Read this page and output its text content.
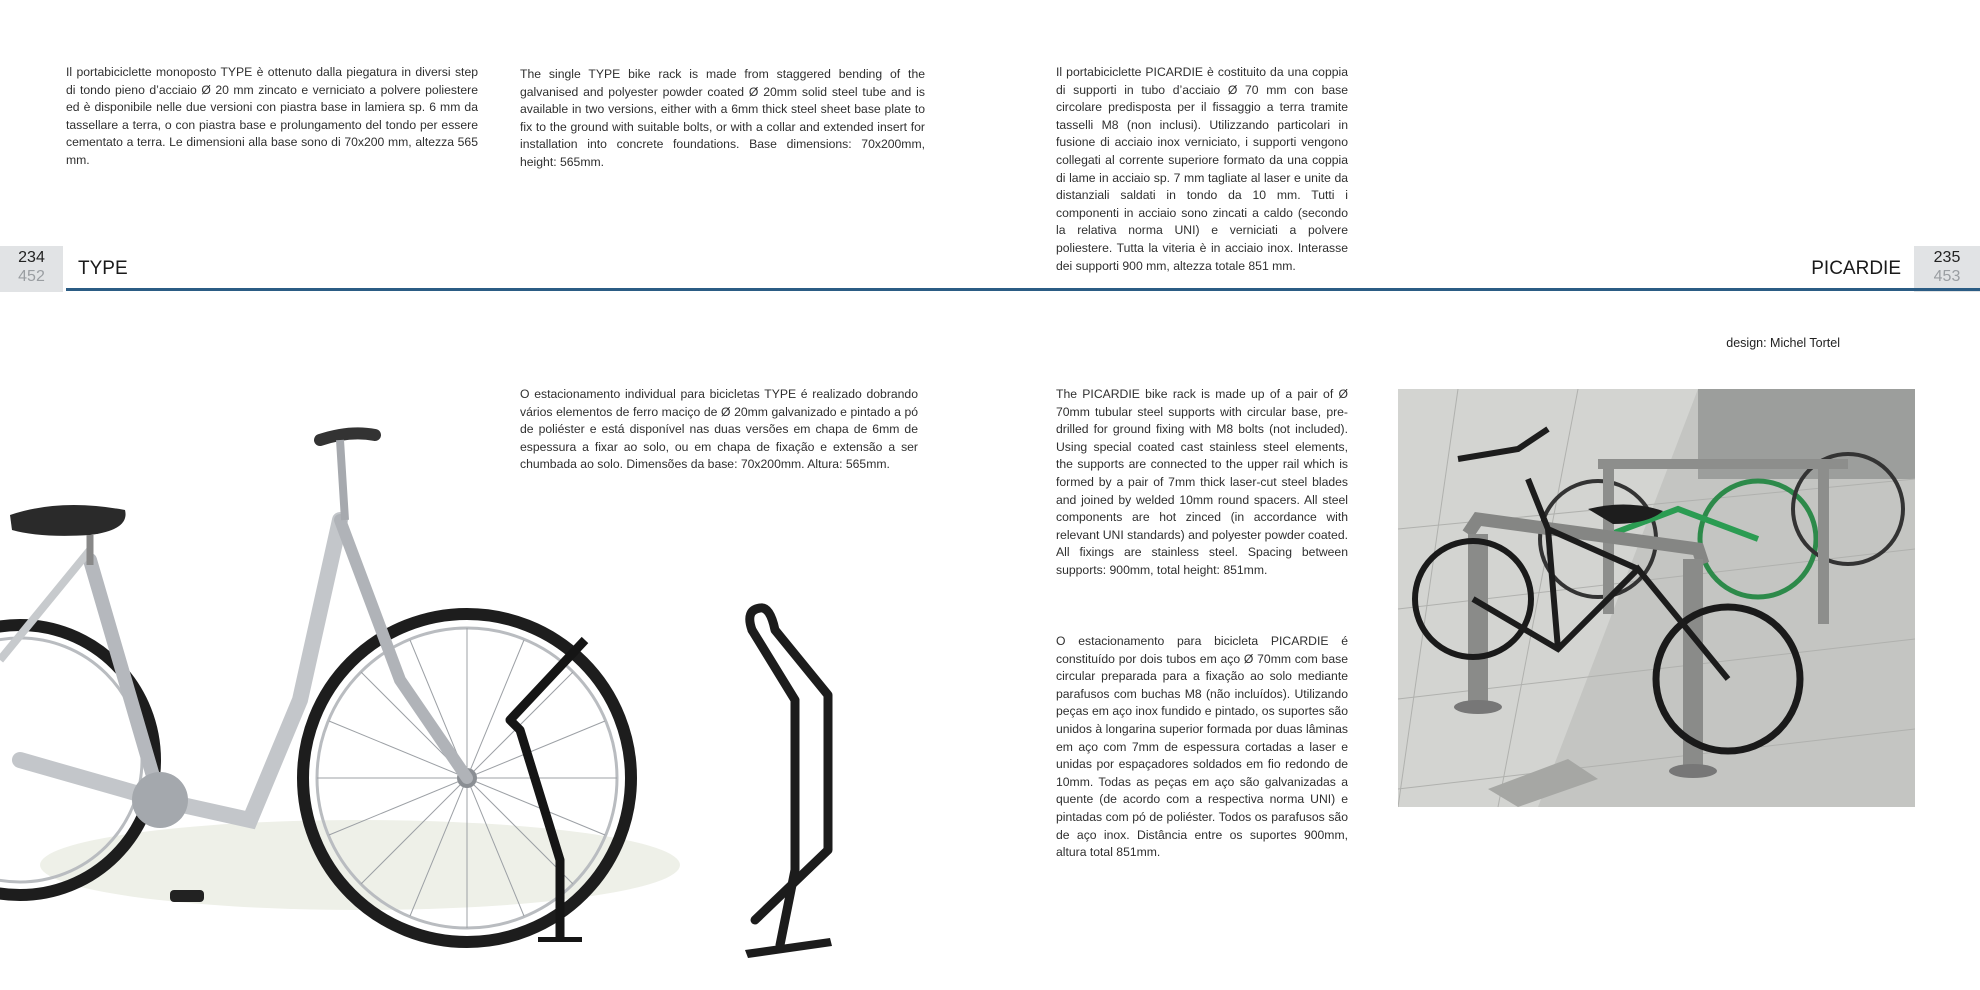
Il portabiciclette monoposto TYPE è ottenuto dalla piegatura in diversi step di tondo pieno d’acciaio Ø 20 mm zincato e verniciato a polvere poliestere ed è disponibile nelle due versioni con piastra base in lamiera sp. 6 mm da tassellare a terra, o con piastra base e prolungamento del tondo per essere cementato a terra. Le dimensioni alla base sono di 70x200 mm, altezza 565 mm.

The single TYPE bike rack is made from staggered bending of the galvanised and polyester powder coated Ø 20mm solid steel tube and is available in two versions, either with a 6mm thick steel sheet base plate to fix to the ground with suitable bolts, or with a collar and extended insert for installation into concrete foundations. Base dimensions: 70x200mm, height: 565mm.

Il portabiciclette PICARDIE è costituito da una coppia di supporti in tubo d’acciaio Ø 70 mm con base circolare predisposta per il fissaggio a terra tramite tasselli M8 (non inclusi). Utilizzando particolari in fusione di acciaio inox verniciato, i supporti vengono collegati al corrente superiore formato da una coppia di lame in acciaio sp. 7 mm tagliate al laser e unite da distanziali saldati in tondo da 10 mm. Tutti i componenti in acciaio sono zincati a caldo (secondo la relativa norma UNI) e verniciati a polvere poliestere. Tutta la viteria è in acciaio inox. Interasse dei supporti 900 mm, altezza totale 851 mm.

234
452	TYPE	PICARDIE
235
453
design: Michel Tortel

O estacionamento individual para bicicletas TYPE é realizado dobrando vários elementos de ferro maciço de Ø 20mm galvanizado e pintado a pó de poliéster e está disponível nas duas versões em chapa de 6mm de espessura a fixar ao solo, ou em chapa de fixação e extensão a ser chumbada ao solo. Dimensões da base: 70x200mm. Altura: 565mm.

The PICARDIE bike rack is made up of a pair of Ø 70mm tubular steel supports with circular base, pre-drilled for ground fixing with M8 bolts (not included). Using special coated cast stainless steel elements, the supports are connected to the upper rail which is formed by a pair of 7mm thick laser-cut steel blades and joined by welded 10mm round spacers. All steel components are hot zinced (in accordance with relevant UNI standards) and polyester powder coated. All fixings are stainless steel. Spacing between supports: 900mm, total height: 851mm.

O estacionamento para bicicleta PICARDIE é constituído por dois tubos em aço Ø 70mm com base circular preparada para a fixação ao solo mediante parafusos com buchas M8 (não incluídos). Utilizando peças em aço inox fundido e pintado, os suportes são unidos à longarina superior formada por duas lâminas em aço com 7mm de espessura cortadas a laser e unidas por espaçadores soldados em fio redondo de 10mm. Todas as peças em aço são galvanizadas a quente (de acordo com a respectiva norma UNI) e pintadas com pó de poliéster. Todos os parafusos são de aço inox. Distância entre os suportes 900mm, altura total 851mm.
